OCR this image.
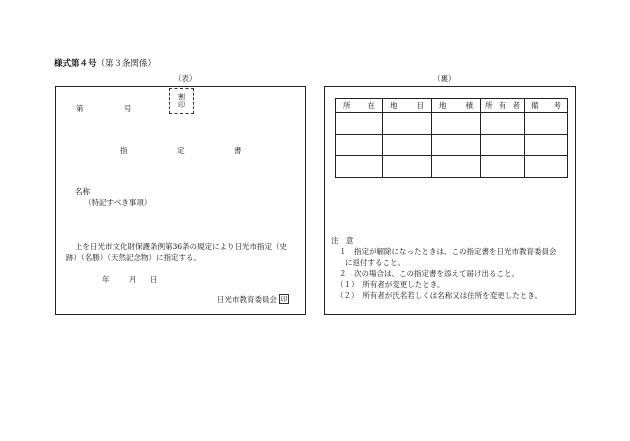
様式第４号（第３条関係）
（表）	（裏）
第	号	割印
指	定	書
名称
（特記すべき事項）
上を日光市文化財保護条例第36条の規定により日光市指定（史
跡）（名勝）（天然記念物）に指定する。
年	月 日
日光市教育委員会 印
所 在	地 目	地 積	所 有 者	備 考

注　意
１　指定が解除になったときは、この指定書を日光市教育委員会
に返付すること。
２　次の場合は、この指定書を添えて届け出ること。
（１）　所有者が変更したとき。
（２）　所有者が氏名若しくは名称又は住所を変更したとき。
